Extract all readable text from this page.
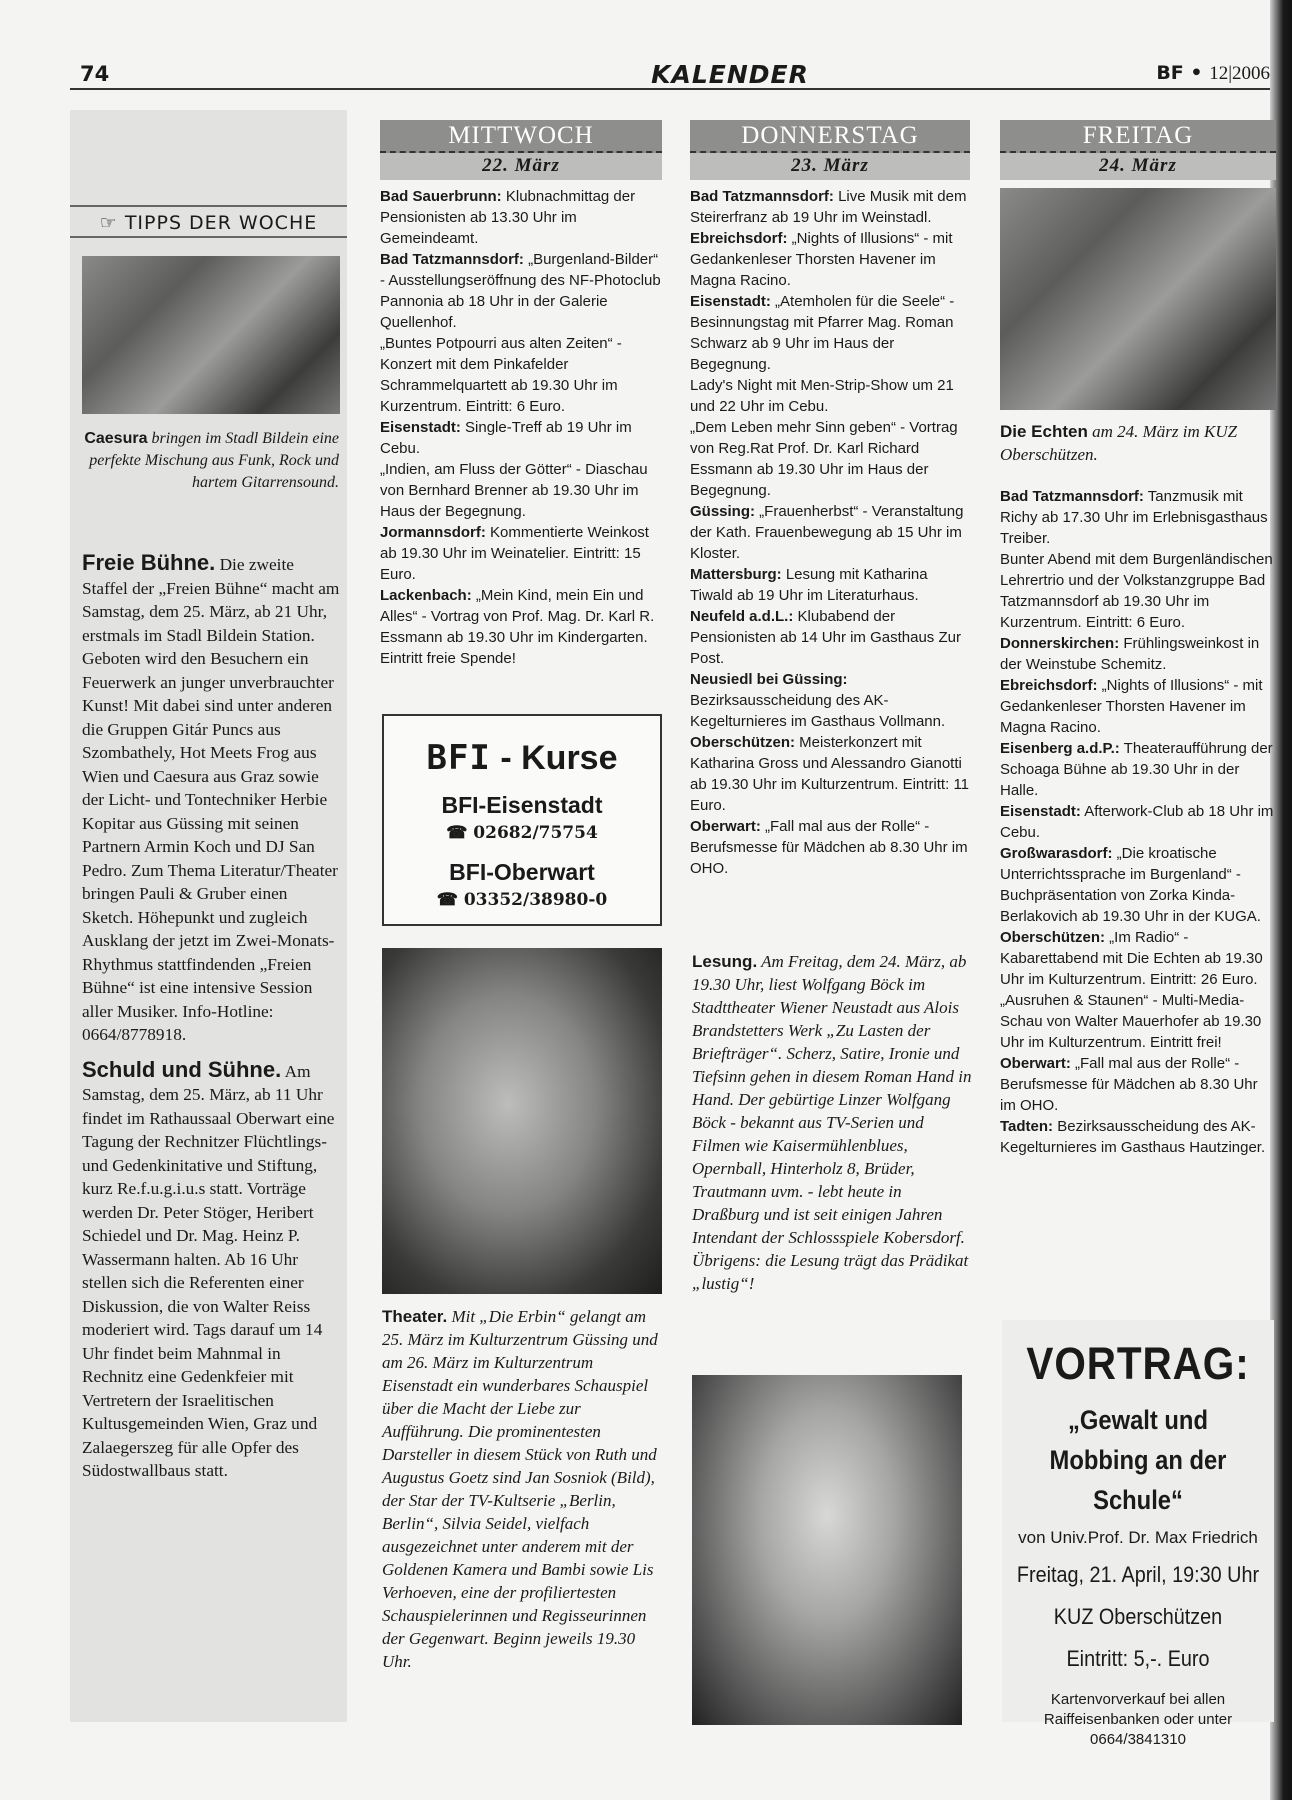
74	KALENDER	BF • 12|2006
☞ TIPPS DER WOCHE
Caesura bringen im Stadl Bildein eine perfekte Mischung aus Funk, Rock und hartem Gitarrensound.

Freie Bühne. Die zweite Staffel der „Freien Bühne“ macht am Samstag, dem 25. März, ab 21 Uhr, erstmals im Stadl Bildein Station. Geboten wird den Besuchern ein Feuerwerk an junger unverbrauchter Kunst! Mit dabei sind unter anderen die Gruppen Gitár Puncs aus Szombathely, Hot Meets Frog aus Wien und Caesura aus Graz sowie der Licht- und Tontechniker Herbie Kopitar aus Güssing mit seinen Partnern Armin Koch und DJ San Pedro. Zum Thema Literatur/Theater bringen Pauli & Gruber einen Sketch. Höhepunkt und zugleich Ausklang der jetzt im Zwei-Monats-Rhythmus stattfindenden „Freien Bühne“ ist eine intensive Session aller Musiker. Info-Hotline: 0664/8778918.

Schuld und Sühne. Am Samstag, dem 25. März, ab 11 Uhr findet im Rathaussaal Oberwart eine Tagung der Rechnitzer Flüchtlings- und Gedenkinitative und Stiftung, kurz Re.f.u.g.i.u.s statt. Vorträge werden Dr. Peter Stöger, Heribert Schiedel und Dr. Mag. Heinz P. Wassermann halten. Ab 16 Uhr stellen sich die Referenten einer Diskussion, die von Walter Reiss moderiert wird. Tags darauf um 14 Uhr findet beim Mahnmal in Rechnitz eine Gedenkfeier mit Vertretern der Israelitischen Kultusgemeinden Wien, Graz und Zalaegerszeg für alle Opfer des Südostwallbaus statt.

MITTWOCH
22. März

Bad Sauerbrunn: Klubnachmittag der Pensionisten ab 13.30 Uhr im Gemeindeamt.

Bad Tatzmannsdorf: „Burgenland-Bilder“ - Ausstellungseröffnung des NF-Photoclub Pannonia ab 18 Uhr in der Galerie Quellenhof.

„Buntes Potpourri aus alten Zeiten“ - Konzert mit dem Pinkafelder Schrammelquartett ab 19.30 Uhr im Kurzentrum. Eintritt: 6 Euro.

Eisenstadt: Single-Treff ab 19 Uhr im Cebu.

„Indien, am Fluss der Götter“ - Diaschau von Bernhard Brenner ab 19.30 Uhr im Haus der Begegnung.

Jormannsdorf: Kommentierte Weinkost ab 19.30 Uhr im Weinatelier. Eintritt: 15 Euro.

Lackenbach: „Mein Kind, mein Ein und Alles“ - Vortrag von Prof. Mag. Dr. Karl R. Essmann ab 19.30 Uhr im Kindergarten. Eintritt freie Spende!

BFI - Kurse
BFI-Eisenstadt
☎ 02682/75754
BFI-Oberwart
☎ 03352/38980-0
Theater. Mit „Die Erbin“ gelangt am 25. März im Kulturzentrum Güssing und am 26. März im Kulturzentrum Eisenstadt ein wunderbares Schauspiel über die Macht der Liebe zur Aufführung. Die prominentesten Darsteller in diesem Stück von Ruth und Augustus Goetz sind Jan Sosniok (Bild), der Star der TV-Kultserie „Berlin, Berlin“, Silvia Seidel, vielfach ausgezeichnet unter anderem mit der Goldenen Kamera und Bambi sowie Lis Verhoeven, eine der profiliertesten Schauspielerinnen und Regisseurinnen der Gegenwart. Beginn jeweils 19.30 Uhr.
DONNERSTAG
23. März

Bad Tatzmannsdorf: Live Musik mit dem Steirerfranz ab 19 Uhr im Weinstadl.

Ebreichsdorf: „Nights of Illusions“ - mit Gedankenleser Thorsten Havener im Magna Racino.

Eisenstadt: „Atemholen für die Seele“ - Besinnungstag mit Pfarrer Mag. Roman Schwarz ab 9 Uhr im Haus der Begegnung.

Lady's Night mit Men-Strip-Show um 21 und 22 Uhr im Cebu.

„Dem Leben mehr Sinn geben“ - Vortrag von Reg.Rat Prof. Dr. Karl Richard Essmann ab 19.30 Uhr im Haus der Begegnung.

Güssing: „Frauenherbst“ - Veranstaltung der Kath. Frauenbewegung ab 15 Uhr im Kloster.

Mattersburg: Lesung mit Katharina Tiwald ab 19 Uhr im Literaturhaus.

Neufeld a.d.L.: Klubabend der Pensionisten ab 14 Uhr im Gasthaus Zur Post.

Neusiedl bei Güssing: Bezirksausscheidung des AK-Kegelturnieres im Gasthaus Vollmann.

Oberschützen: Meisterkonzert mit Katharina Gross und Alessandro Gianotti ab 19.30 Uhr im Kulturzentrum. Eintritt: 11 Euro.

Oberwart: „Fall mal aus der Rolle“ - Berufsmesse für Mädchen ab 8.30 Uhr im OHO.

Lesung. Am Freitag, dem 24. März, ab 19.30 Uhr, liest Wolfgang Böck im Stadttheater Wiener Neustadt aus Alois Brandstetters Werk „Zu Lasten der Briefträger“. Scherz, Satire, Ironie und Tiefsinn gehen in diesem Roman Hand in Hand. Der gebürtige Linzer Wolfgang Böck - bekannt aus TV-Serien und Filmen wie Kaisermühlenblues, Opernball, Hinterholz 8, Brüder, Trautmann uvm. - lebt heute in Draßburg und ist seit einigen Jahren Intendant der Schlossspiele Kobersdorf. Übrigens: die Lesung trägt das Prädikat „lustig“!
FREITAG
24. März
Die Echten am 24. März im KUZ Oberschützen.

Bad Tatzmannsdorf: Tanzmusik mit Richy ab 17.30 Uhr im Erlebnisgasthaus Treiber.

Bunter Abend mit dem Burgenländischen Lehrertrio und der Volkstanzgruppe Bad Tatzmannsdorf ab 19.30 Uhr im Kurzentrum. Eintritt: 6 Euro.

Donnerskirchen: Frühlingsweinkost in der Weinstube Schemitz.

Ebreichsdorf: „Nights of Illusions“ - mit Gedankenleser Thorsten Havener im Magna Racino.

Eisenberg a.d.P.: Theateraufführung der Schoaga Bühne ab 19.30 Uhr in der Halle.

Eisenstadt: Afterwork-Club ab 18 Uhr im Cebu.

Großwarasdorf: „Die kroatische Unterrichtssprache im Burgenland“ - Buchpräsentation von Zorka Kinda-Berlakovich ab 19.30 Uhr in der KUGA.

Oberschützen: „Im Radio“ - Kabarettabend mit Die Echten ab 19.30 Uhr im Kulturzentrum. Eintritt: 26 Euro.

„Ausruhen & Staunen“ - Multi-Media-Schau von Walter Mauerhofer ab 19.30 Uhr im Kulturzentrum. Eintritt frei!

Oberwart: „Fall mal aus der Rolle“ - Berufsmesse für Mädchen ab 8.30 Uhr im OHO.

Tadten: Bezirksausscheidung des AK-Kegelturnieres im Gasthaus Hautzinger.

VORTRAG:
„Gewalt und Mobbing an der Schule“
von Univ.Prof. Dr. Max Friedrich
Freitag, 21. April, 19:30 Uhr
KUZ Oberschützen
Eintritt: 5,-. Euro
Kartenvorverkauf bei allen Raiffeisenbanken oder unter 0664/3841310
